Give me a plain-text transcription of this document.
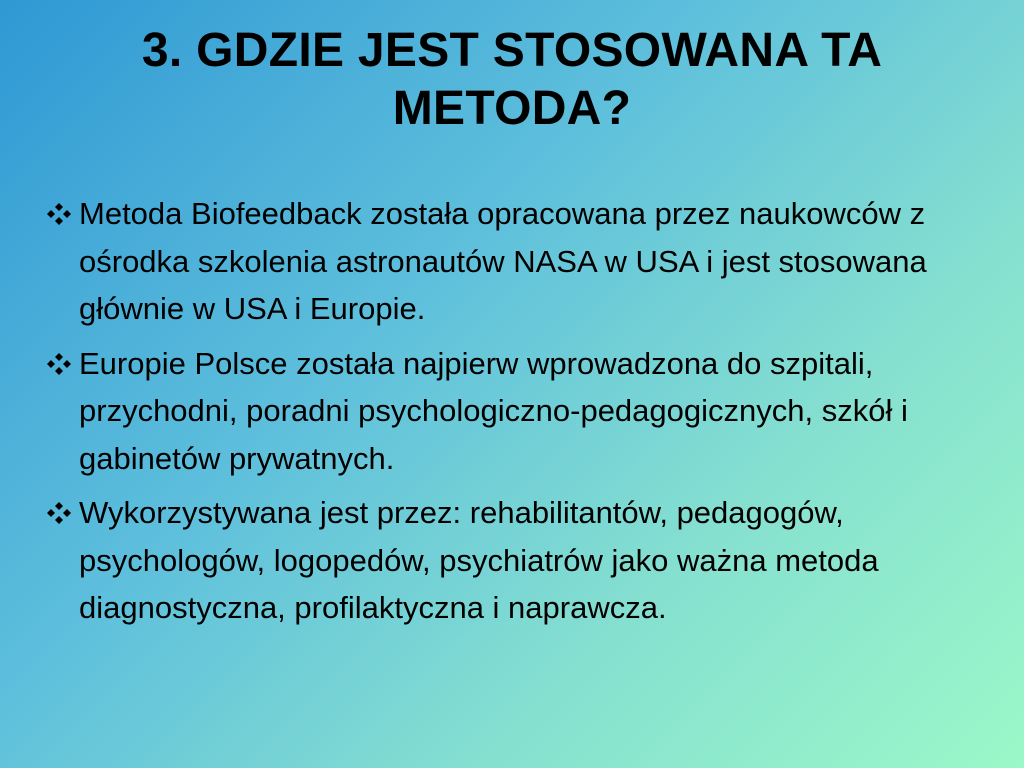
3. GDZIE JEST STOSOWANA TA METODA?
Metoda Biofeedback została opracowana przez naukowców z ośrodka szkolenia astronautów NASA w USA i jest stosowana głównie w USA i Europie.
Europie Polsce została najpierw wprowadzona do szpitali, przychodni, poradni psychologiczno-pedagogicznych, szkół i gabinetów prywatnych.
Wykorzystywana jest przez: rehabilitantów, pedagogów, psychologów, logopedów, psychiatrów jako ważna metoda diagnostyczna, profilaktyczna i naprawcza.
